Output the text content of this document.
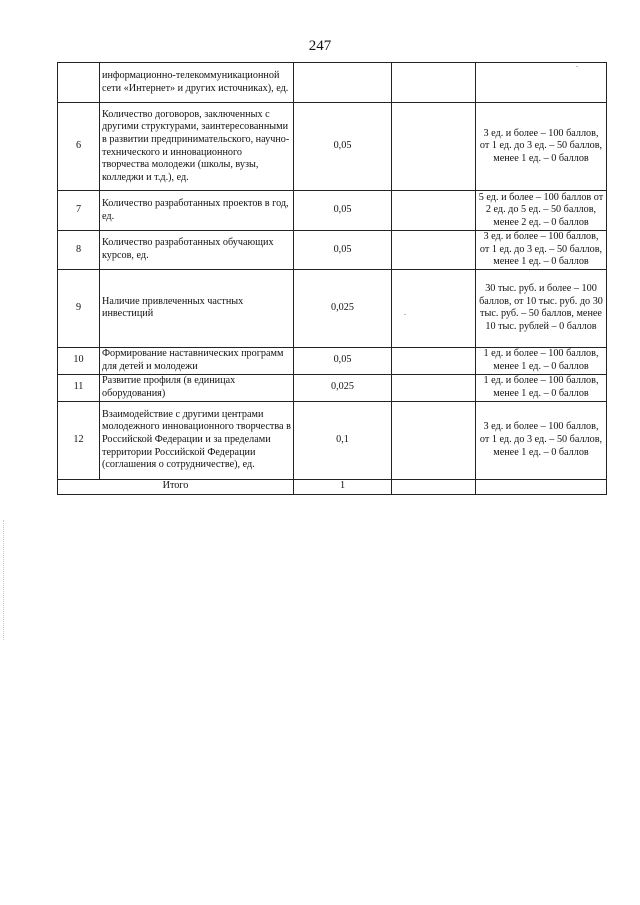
247
	информационно-телекоммуникационной сети «Интернет» и других источниках), ед.			
6	Количество договоров, заключенных с другими структурами, заинтересованными в развитии предпринимательского, научно-технического и инновационного творчества молодежи (школы, вузы, колледжи и т.д.), ед.	0,05		3 ед. и более – 100 баллов, от 1 ед. до 3 ед. – 50 баллов, менее 1 ед. – 0 баллов
7	Количество разработанных проектов в год, ед.	0,05		5 ед. и более – 100 баллов от 2 ед. до 5 ед. – 50 баллов, менее 2 ед. – 0 баллов
8	Количество разработанных обучающих курсов, ед.	0,05		3 ед. и более – 100 баллов, от 1 ед. до 3 ед. – 50 баллов, менее 1 ед. – 0 баллов
9	Наличие привлеченных частных инвестиций	0,025		30 тыс. руб. и более – 100 баллов, от 10 тыс. руб. до 30 тыс. руб. – 50 баллов, менее 10 тыс. рублей – 0 баллов
10	Формирование наставнических программ для детей и молодежи	0,05		1 ед. и более – 100 баллов, менее 1 ед. – 0 баллов
11	Развитие профиля (в единицах оборудования)	0,025		1 ед. и более – 100 баллов, менее 1 ед. – 0 баллов
12	Взаимодействие с другими центрами молодежного инновационного творчества в Российской Федерации и за пределами территории Российской Федерации (соглашения о сотрудничестве), ед.	0,1		3 ед. и более – 100 баллов, от 1 ед. до 3 ед. – 50 баллов, менее 1 ед. – 0 баллов
Итого		1		
